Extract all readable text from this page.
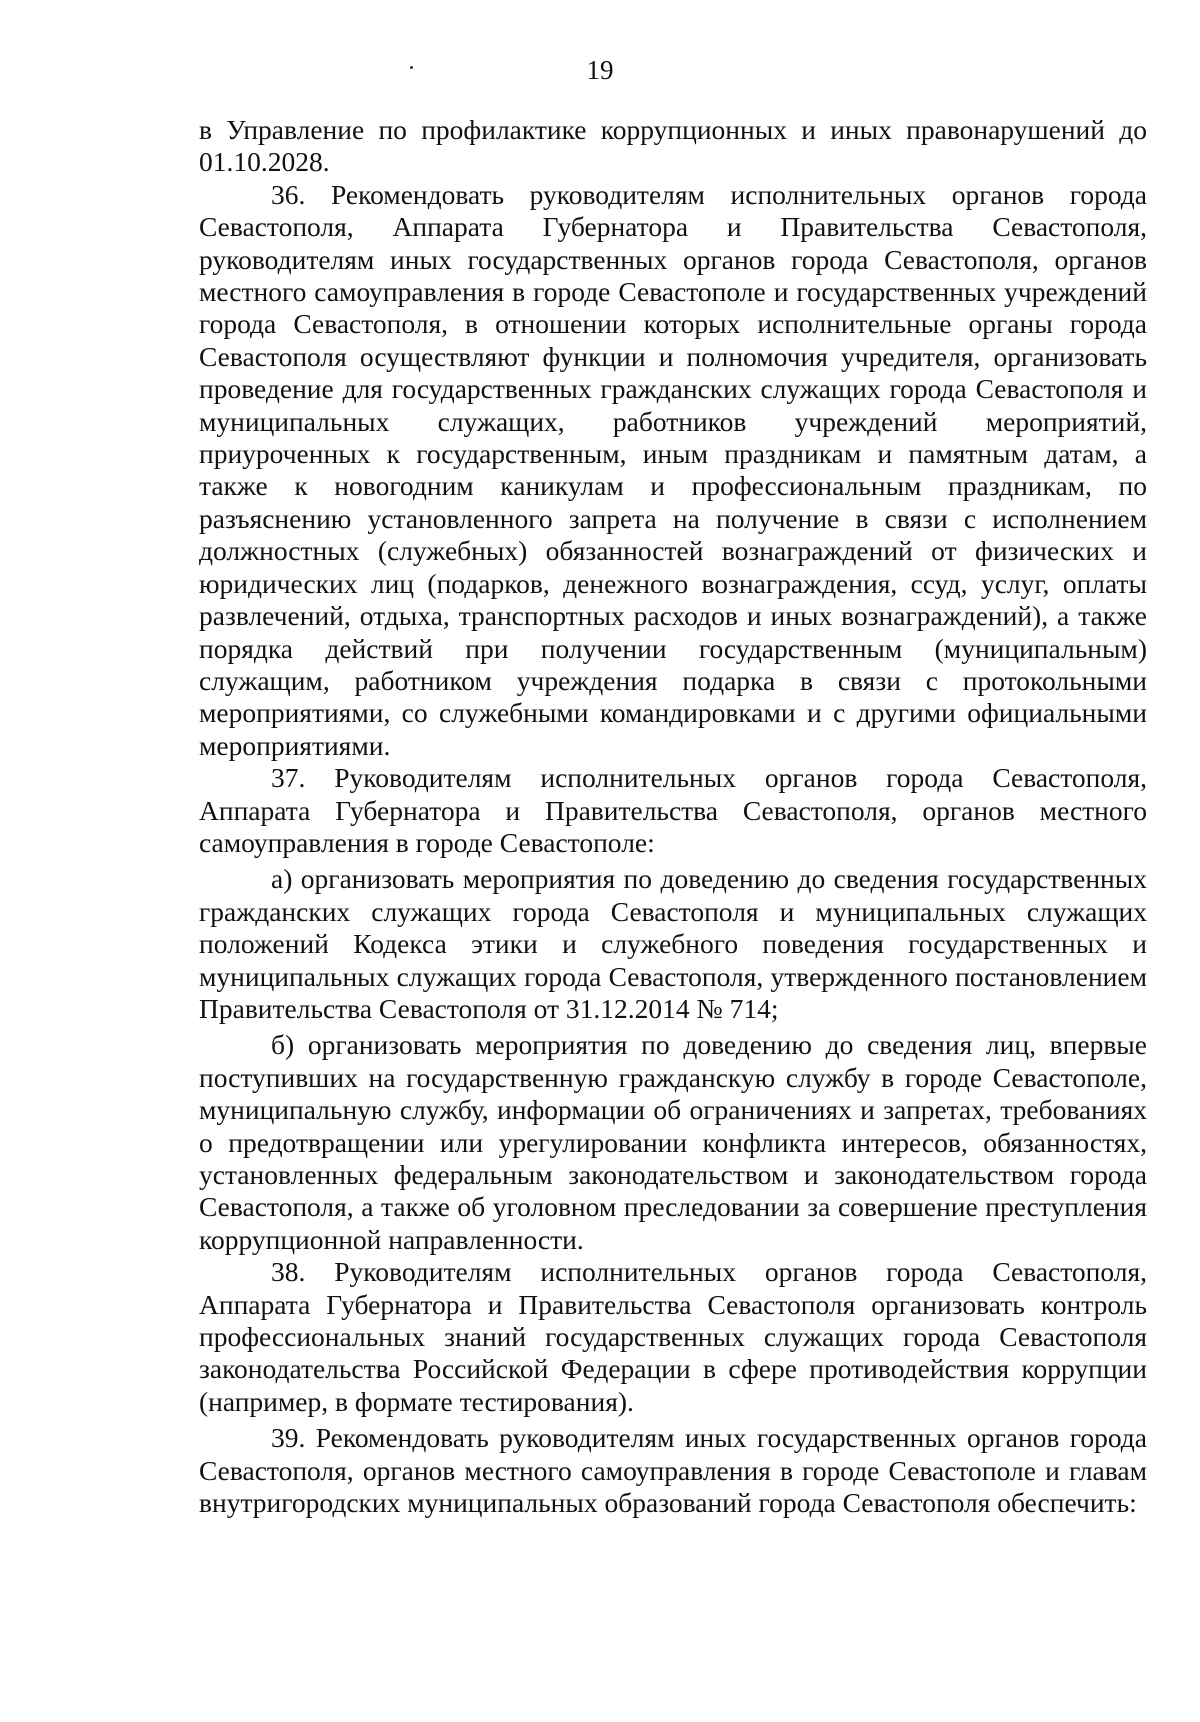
19

в Управление по профилактике коррупционных и иных правонарушений до 01.10.2028.

36. Рекомендовать руководителям исполнительных органов города Севастополя, Аппарата Губернатора и Правительства Севастополя, руководителям иных государственных органов города Севастополя, органов местного самоуправления в городе Севастополе и государственных учреждений города Севастополя, в отношении которых исполнительные органы города Севастополя осуществляют функции и полномочия учредителя, организовать проведение для государственных гражданских служащих города Севастополя и муниципальных служащих, работников учреждений мероприятий, приуроченных к государственным, иным праздникам и памятным датам, а также к новогодним каникулам и профессиональным праздникам, по разъяснению установленного запрета на получение в связи с исполнением должностных (служебных) обязанностей вознаграждений от физических и юридических лиц (подарков, денежного вознаграждения, ссуд, услуг, оплаты развлечений, отдыха, транспортных расходов и иных вознаграждений), а также порядка действий при получении государственным (муниципальным) служащим, работником учреждения подарка в связи с протокольными мероприятиями, со служебными командировками и с другими официальными мероприятиями.

37. Руководителям исполнительных органов города Севастополя, Аппарата Губернатора и Правительства Севастополя, органов местного самоуправления в городе Севастополе:

а) организовать мероприятия по доведению до сведения государственных гражданских служащих города Севастополя и муниципальных служащих положений Кодекса этики и служебного поведения государственных и муниципальных служащих города Севастополя, утвержденного постановлением Правительства Севастополя от 31.12.2014 № 714;

б) организовать мероприятия по доведению до сведения лиц, впервые поступивших на государственную гражданскую службу в городе Севастополе, муниципальную службу, информации об ограничениях и запретах, требованиях о предотвращении или урегулировании конфликта интересов, обязанностях, установленных федеральным законодательством и законодательством города Севастополя, а также об уголовном преследовании за совершение преступления коррупционной направленности.

38. Руководителям исполнительных органов города Севастополя, Аппарата Губернатора и Правительства Севастополя организовать контроль профессиональных знаний государственных служащих города Севастополя законодательства Российской Федерации в сфере противодействия коррупции (например, в формате тестирования).

39. Рекомендовать руководителям иных государственных органов города Севастополя, органов местного самоуправления в городе Севастополе и главам внутригородских муниципальных образований города Севастополя обеспечить:
